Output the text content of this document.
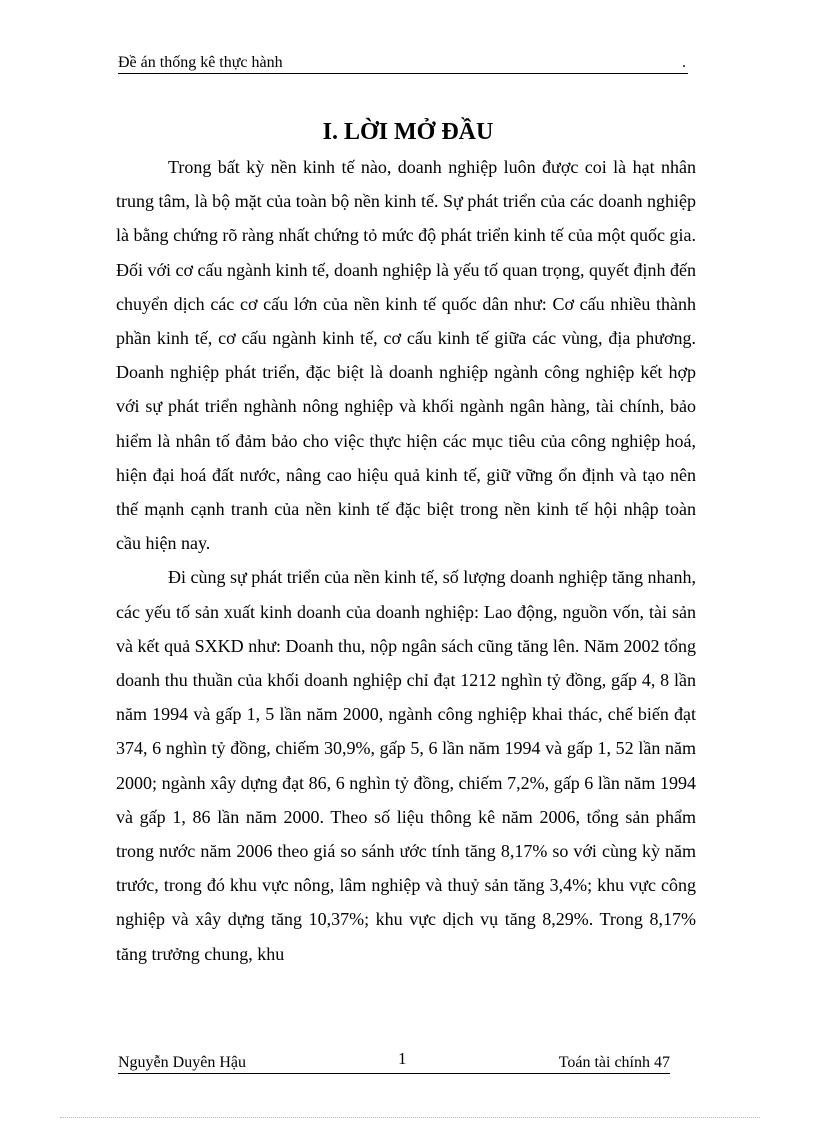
Đề án thống kê thực hành	.
I. LỜI MỞ ĐẦU

Trong bất kỳ nền kinh tế nào, doanh nghiệp luôn được coi là hạt nhân trung tâm, là bộ mặt của toàn bộ nền kinh tế. Sự phát triển của các doanh nghiệp là bằng chứng rõ ràng nhất chứng tỏ mức độ phát triển kinh tế của một quốc gia. Đối với cơ cấu ngành kinh tế, doanh nghiệp là yếu tố quan trọng, quyết định đến chuyển dịch các cơ cấu lớn của nền kinh tế quốc dân như: Cơ cấu nhiều thành phần kinh tế, cơ cấu ngành kinh tế, cơ cấu kinh tế giữa các vùng, địa phương. Doanh nghiệp phát triển, đặc biệt là doanh nghiệp ngành công nghiệp kết hợp với sự phát triển nghành nông nghiệp và khối ngành ngân hàng, tài chính, bảo hiểm là nhân tố đảm bảo cho việc thực hiện các mục tiêu của công nghiệp hoá, hiện đại hoá đất nước, nâng cao hiệu quả kinh tế, giữ vững ổn định và tạo nên thế mạnh cạnh tranh của nền kinh tế đặc biệt trong nền kinh tế hội nhập toàn cầu hiện nay.

Đi cùng sự phát triển của nền kinh tế, số lượng doanh nghiệp tăng nhanh, các yếu tố sản xuất kinh doanh của doanh nghiệp: Lao động, nguồn vốn, tài sản và kết quả SXKD như: Doanh thu, nộp ngân sách cũng tăng lên. Năm 2002 tổng doanh thu thuần của khối doanh nghiệp chỉ đạt 1212 nghìn tỷ đồng, gấp 4, 8 lần năm 1994 và gấp 1, 5 lần năm 2000, ngành công nghiệp khai thác, chế biến đạt 374, 6 nghìn tỷ đồng, chiếm 30,9%, gấp 5, 6 lần năm 1994 và gấp 1, 52 lần năm 2000; ngành xây dựng đạt 86, 6 nghìn tỷ đồng, chiếm 7,2%, gấp 6 lần năm 1994 và gấp 1, 86 lần năm 2000. Theo số liệu thông kê năm 2006, tổng sản phẩm trong nước năm 2006 theo giá so sánh ước tính tăng 8,17% so với cùng kỳ năm trước, trong đó khu vực nông, lâm nghiệp và thuỷ sản tăng 3,4%; khu vực công nghiệp và xây dựng tăng 10,37%; khu vực dịch vụ tăng 8,29%. Trong 8,17% tăng trưởng chung, khu

Nguyễn Duyên Hậu	1	Toán tài chính 47
